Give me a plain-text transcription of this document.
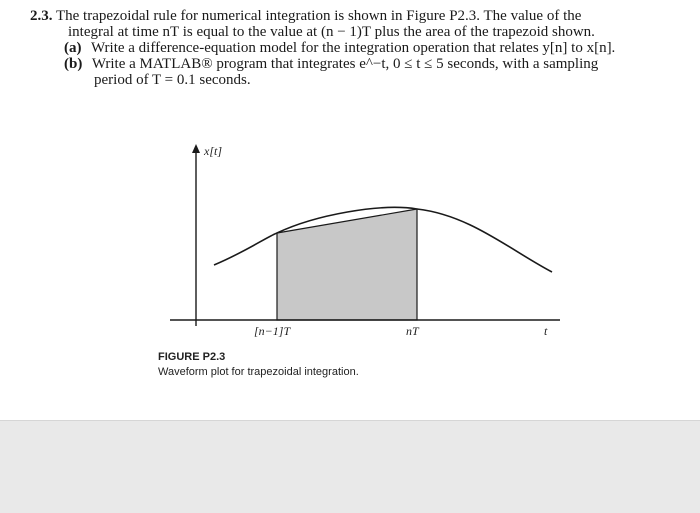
2.3. The trapezoidal rule for numerical integration is shown in Figure P2.3. The value of the
integral at time nT is equal to the value at (n − 1)T plus the area of the trapezoid shown.
(a) Write a difference-equation model for the integration operation that relates y[n] to x[n].
(b) Write a MATLAB® program that integrates e^−t, 0 ≤ t ≤ 5 seconds, with a sampling
period of T = 0.1 seconds.
x[t]
t
[n−1]T	nT
FIGURE P2.3
Waveform plot for trapezoidal integration.
